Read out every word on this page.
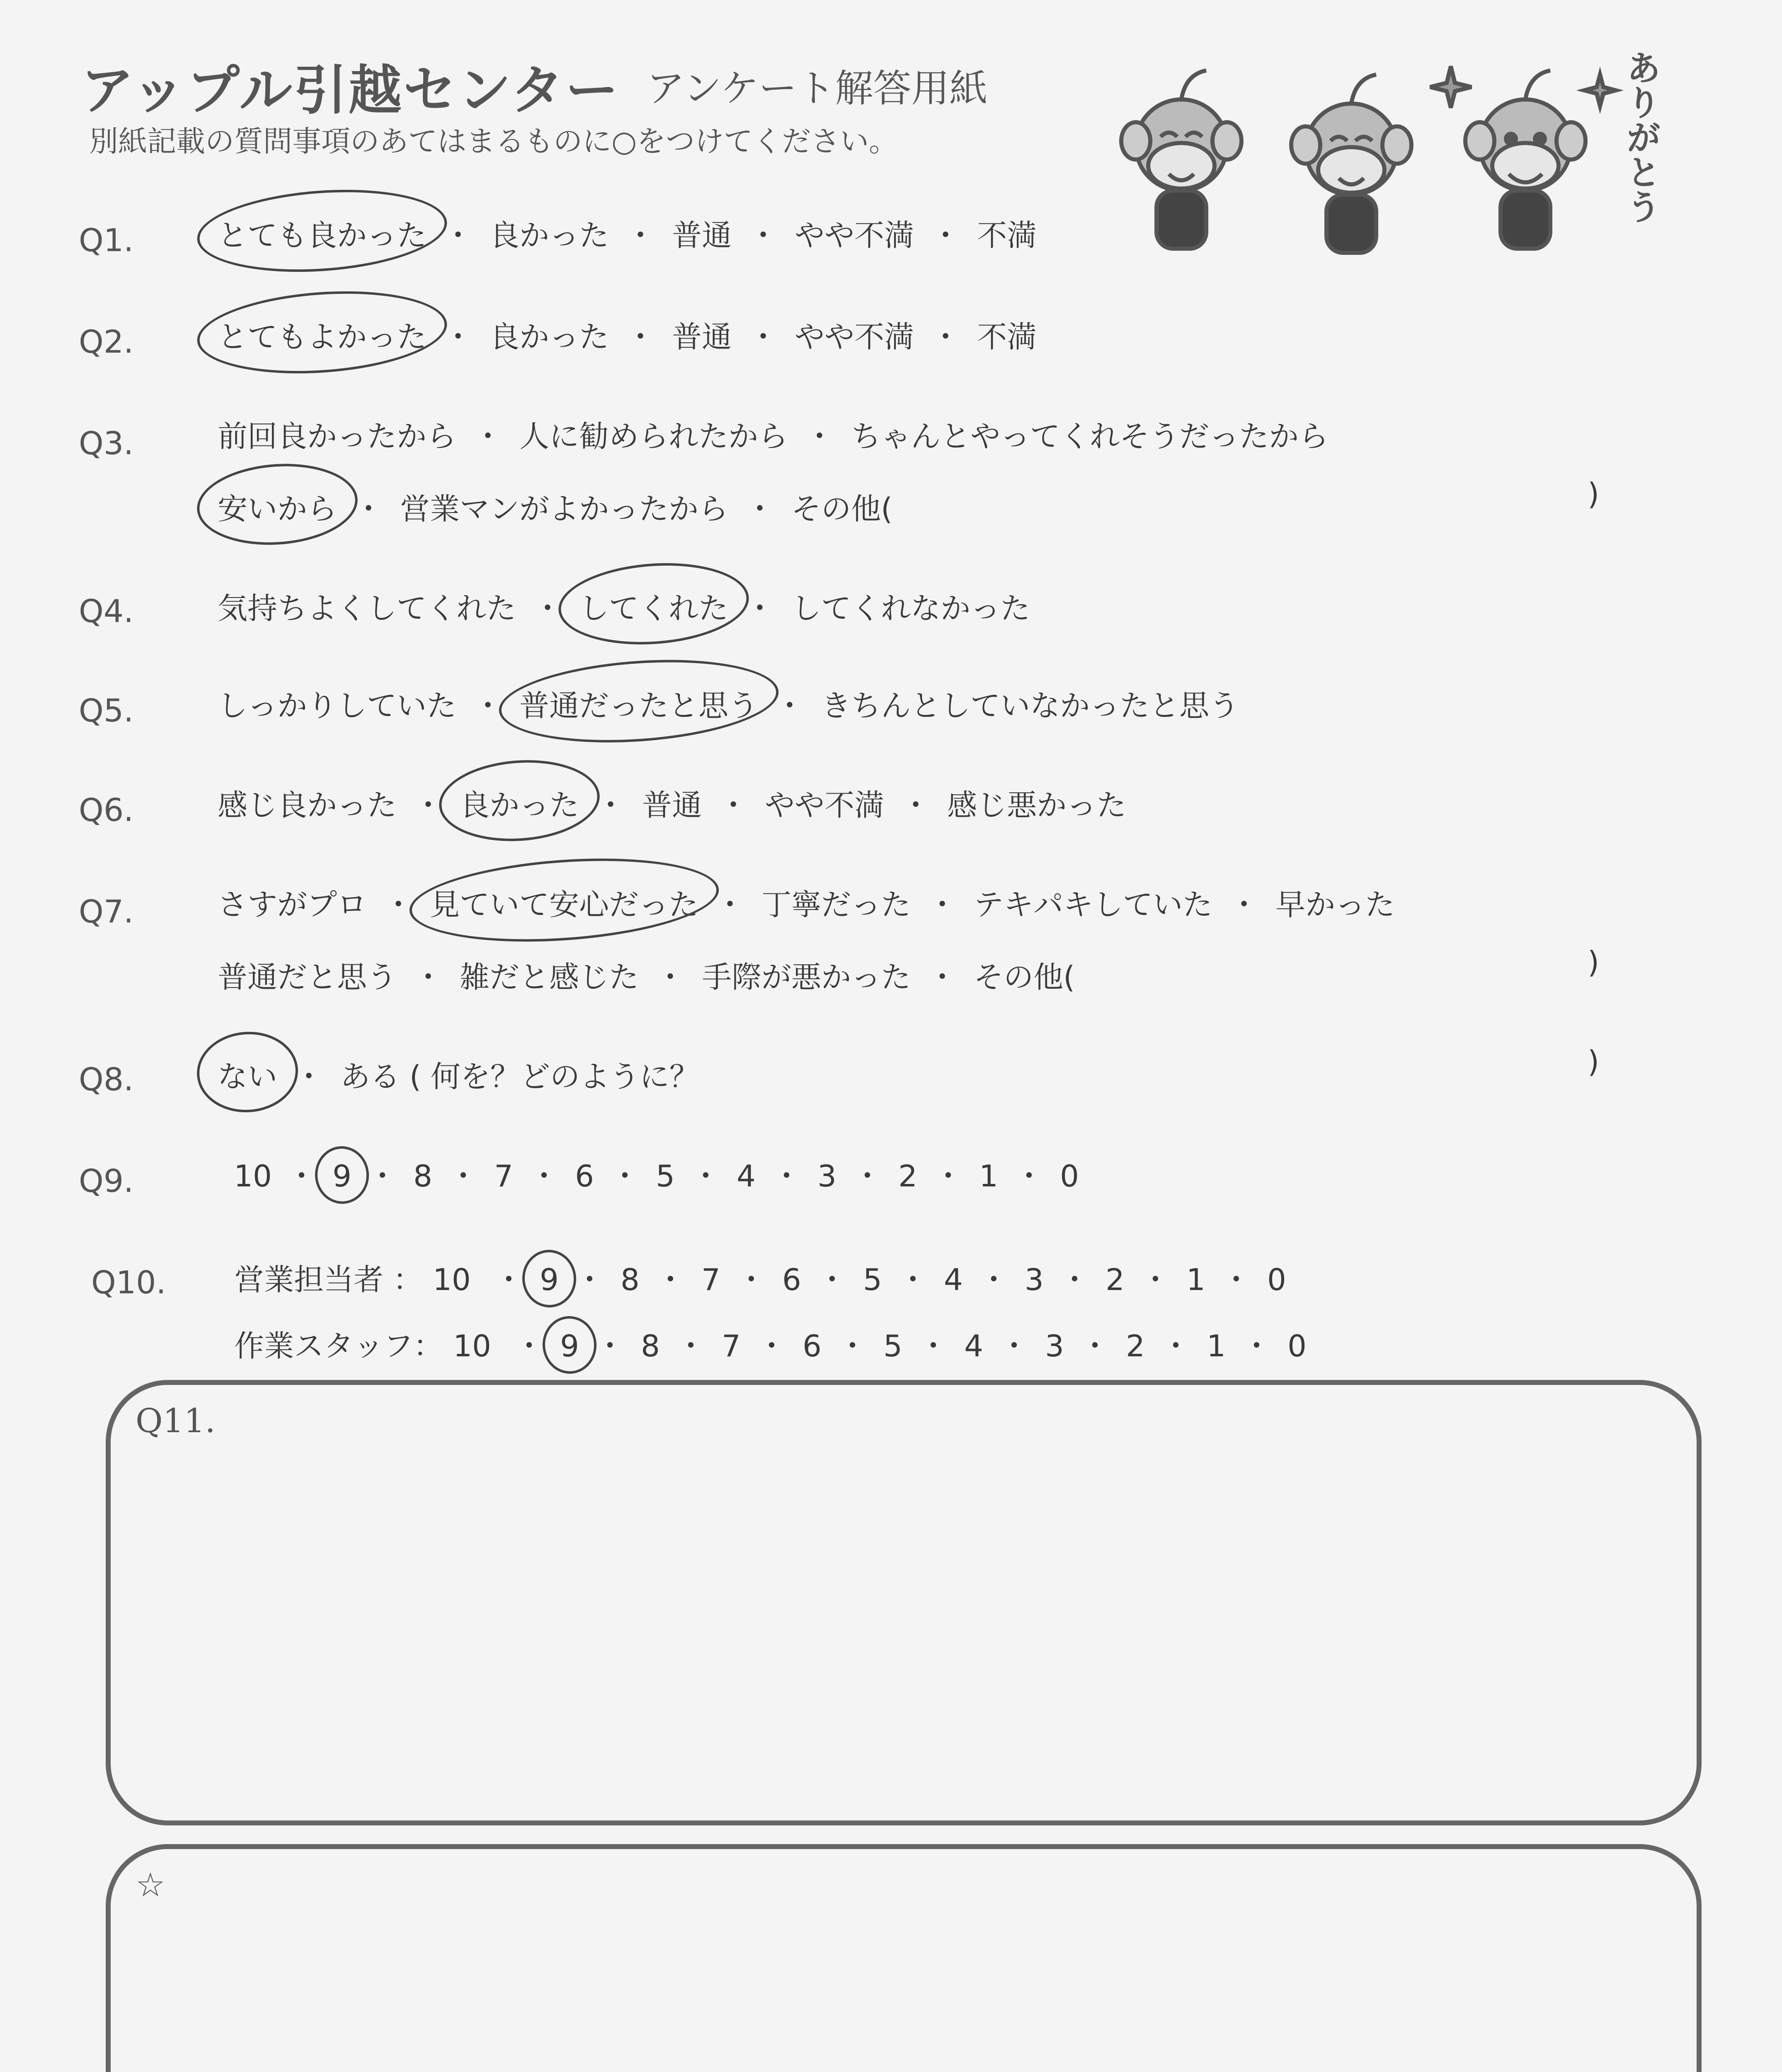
アップル引越センター アンケート解答用紙
別紙記載の質問事項のあてはまるものに○をつけてください。	ありがとう
Q1.	とても良かった ・ 良かった ・ 普通 ・ やや不満 ・ 不満
Q2.	とてもよかった ・ 良かった ・ 普通 ・ やや不満 ・ 不満
Q3.	前回良かったから ・ 人に勧められたから ・ ちゃんとやってくれそうだったから
安いから ・ 営業マンがよかったから ・ その他(	)
Q4.	気持ちよくしてくれた ・ してくれた ・ してくれなかった
Q5.	しっかりしていた ・ 普通だったと思う ・ きちんとしていなかったと思う
Q6.	感じ良かった ・ 良かった ・ 普通 ・ やや不満 ・ 感じ悪かった
Q7.	さすがプロ ・ 見ていて安心だった ・ 丁寧だった ・ テキパキしていた ・ 早かった
普通だと思う ・ 雑だと感じた ・ 手際が悪かった ・ その他(	)
Q8.	ない ・ ある ( 何を？どのように？	)
Q9.	10 ・ 9 ・ 8 ・ 7 ・ 6 ・ 5 ・ 4 ・ 3 ・ 2 ・ 1 ・ 0
Q10. 営業担当者 ： 10 ・ 9 ・ 8 ・ 7 ・ 6 ・ 5 ・ 4 ・ 3 ・ 2 ・ 1 ・ 0
作業スタッフ： 10 ・ 9 ・ 8 ・ 7 ・ 6 ・ 5 ・ 4 ・ 3 ・ 2 ・ 1 ・ 0
Q11.
☆
